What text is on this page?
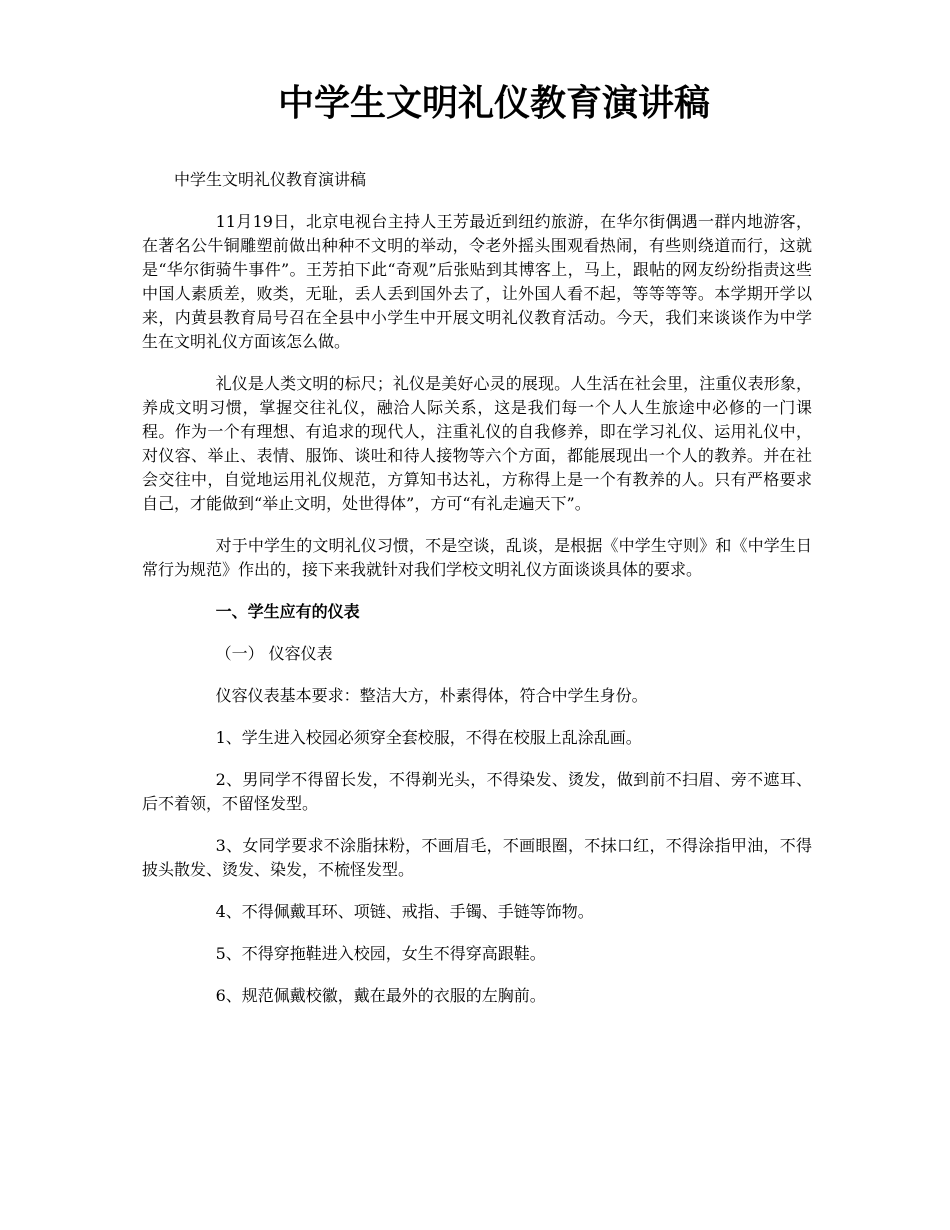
中学生文明礼仪教育演讲稿

中学生文明礼仪教育演讲稿

11月19日，北京电视台主持人王芳最近到纽约旅游，在华尔街偶遇一群内地游客，在著名公牛铜雕塑前做出种种不文明的举动，令老外摇头围观看热闹，有些则绕道而行，这就是“华尔街骑牛事件”。王芳拍下此“奇观”后张贴到其博客上，马上，跟帖的网友纷纷指责这些中国人素质差，败类，无耻，丢人丢到国外去了，让外国人看不起，等等等等。本学期开学以来，内黄县教育局号召在全县中小学生中开展文明礼仪教育活动。今天，我们来谈谈作为中学生在文明礼仪方面该怎么做。

礼仪是人类文明的标尺；礼仪是美好心灵的展现。人生活在社会里，注重仪表形象，养成文明习惯，掌握交往礼仪，融洽人际关系，这是我们每一个人人生旅途中必修的一门课程。作为一个有理想、有追求的现代人，注重礼仪的自我修养，即在学习礼仪、运用礼仪中，对仪容、举止、表情、服饰、谈吐和待人接物等六个方面，都能展现出一个人的教养。并在社会交往中，自觉地运用礼仪规范，方算知书达礼，方称得上是一个有教养的人。只有严格要求自己，才能做到“举止文明，处世得体”，方可“有礼走遍天下”。

对于中学生的文明礼仪习惯，不是空谈，乱谈，是根据《中学生守则》和《中学生日常行为规范》作出的，接下来我就针对我们学校文明礼仪方面谈谈具体的要求。

一、学生应有的仪表

（一） 仪容仪表

仪容仪表基本要求：整洁大方，朴素得体，符合中学生身份。

1、学生进入校园必须穿全套校服，不得在校服上乱涂乱画。

2、男同学不得留长发，不得剃光头，不得染发、烫发，做到前不扫眉、旁不遮耳、后不着领，不留怪发型。

3、女同学要求不涂脂抹粉，不画眉毛，不画眼圈，不抹口红，不得涂指甲油，不得披头散发、烫发、染发，不梳怪发型。

4、不得佩戴耳环、项链、戒指、手镯、手链等饰物。

5、不得穿拖鞋进入校园，女生不得穿高跟鞋。

6、规范佩戴校徽，戴在最外的衣服的左胸前。
